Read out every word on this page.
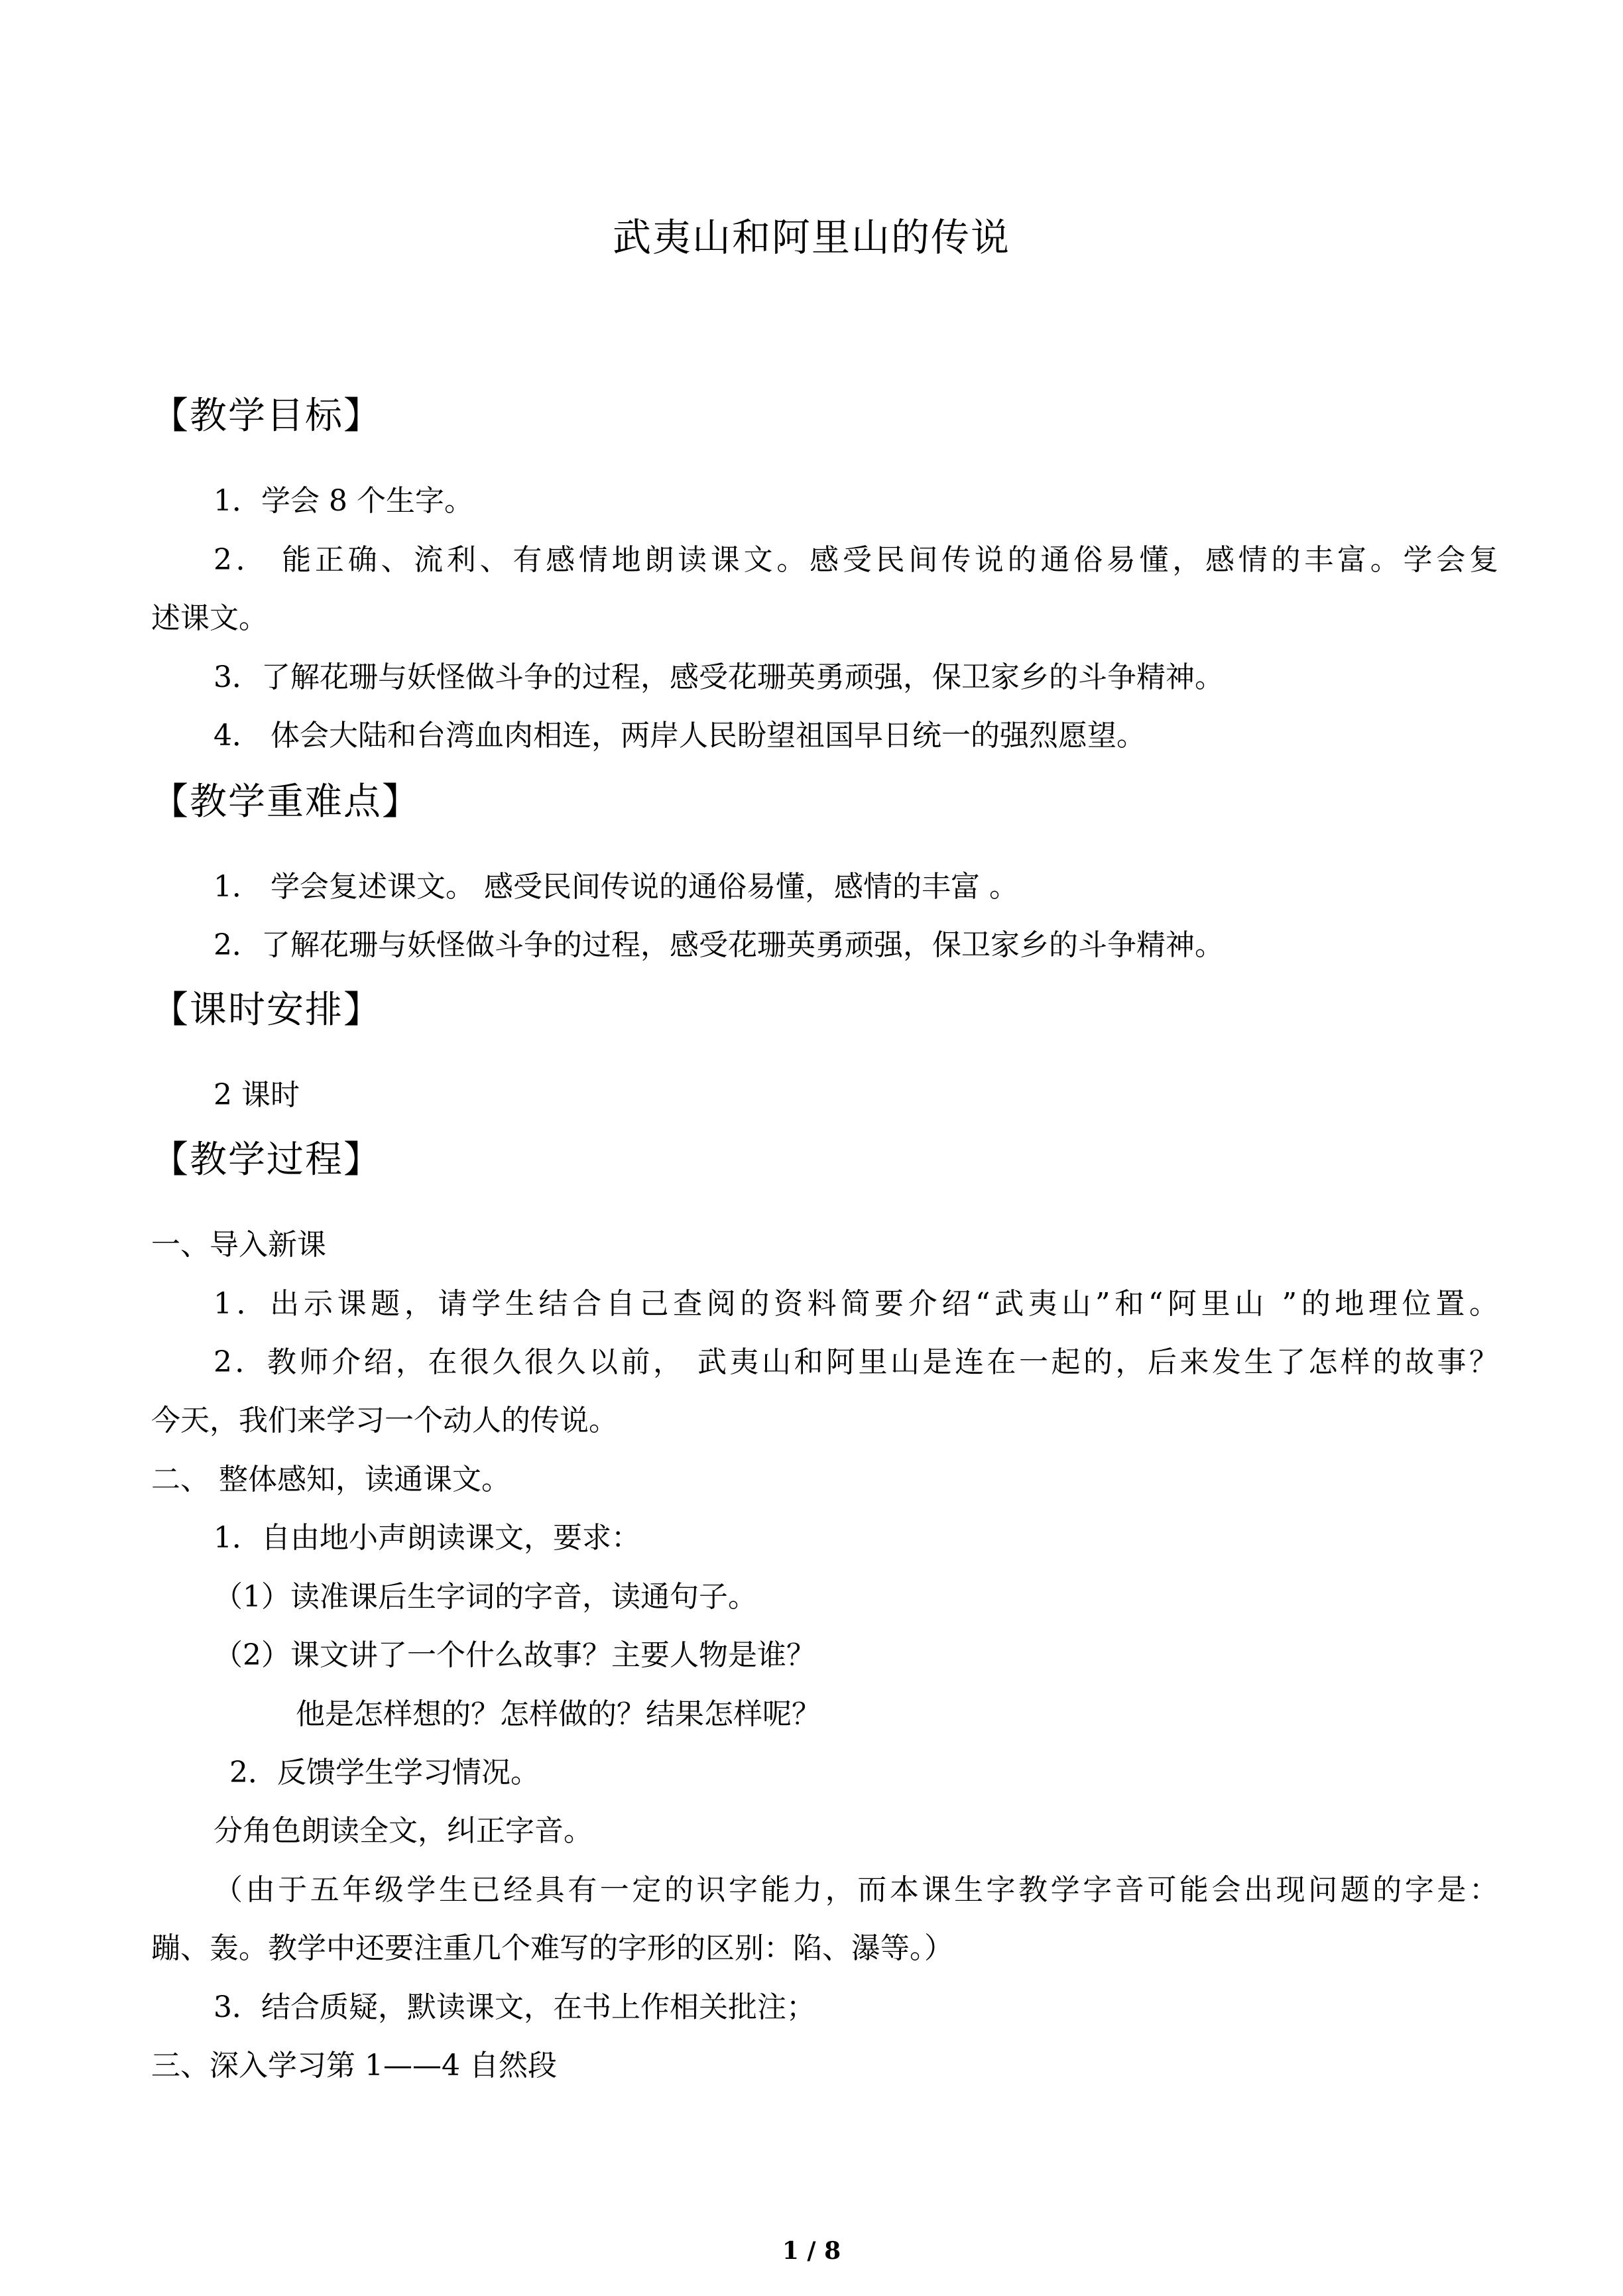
武夷山和阿里山的传说
【教学目标】
1．学会 8 个生字。
2． 能正确、流利、有感情地朗读课文。感受民间传说的通俗易懂，感情的丰富。学会复
述课文。
3．了解花珊与妖怪做斗争的过程，感受花珊英勇顽强，保卫家乡的斗争精神。
4． 体会大陆和台湾血肉相连，两岸人民盼望祖国早日统一的强烈愿望。
【教学重难点】
1． 学会复述课文。 感受民间传说的通俗易懂，感情的丰富 。
2．了解花珊与妖怪做斗争的过程，感受花珊英勇顽强，保卫家乡的斗争精神。
【课时安排】
2 课时
【教学过程】
一、导入新课
1．出示课题，请学生结合自己查阅的资料简要介绍“武夷山”和“阿里山 ”的地理位置。
2．教师介绍，在很久很久以前， 武夷山和阿里山是连在一起的，后来发生了怎样的故事？
今天，我们来学习一个动人的传说。
二、 整体感知，读通课文。
1．自由地小声朗读课文，要求：
（1）读准课后生字词的字音，读通句子。
（2）课文讲了一个什么故事？主要人物是谁？
他是怎样想的？怎样做的？结果怎样呢？
2．反馈学生学习情况。
分角色朗读全文，纠正字音。
（由于五年级学生已经具有一定的识字能力，而本课生字教学字音可能会出现问题的字是：
蹦、轰。教学中还要注重几个难写的字形的区别：陷、瀑等。）
3．结合质疑，默读课文，在书上作相关批注；
三、深入学习第 1——4 自然段
1 / 8
